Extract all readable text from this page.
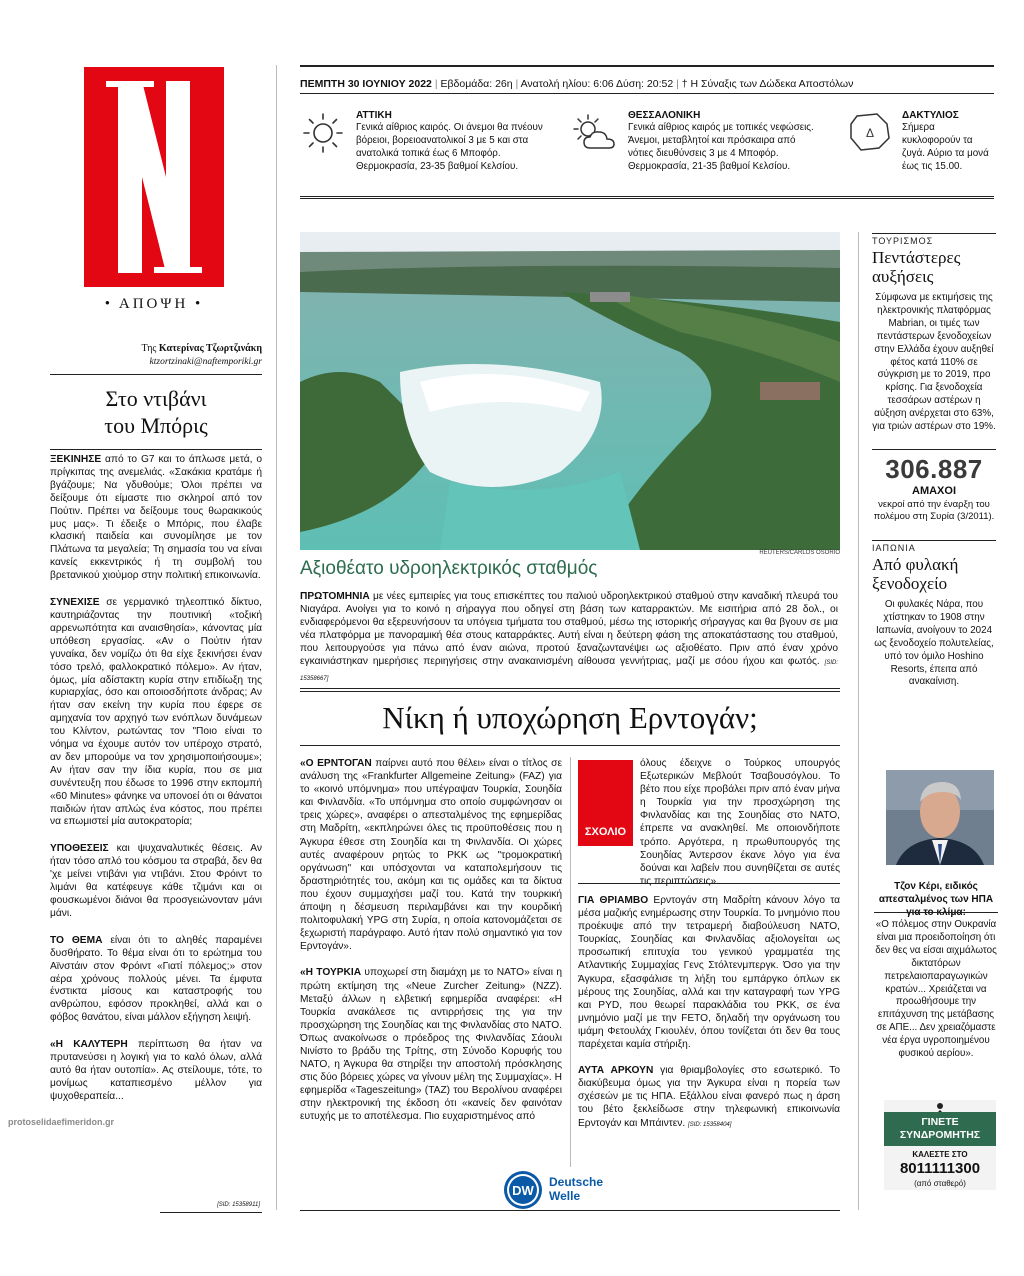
• ΑΠΟΨΗ •
Της Κατερίνας Τζωρτζινάκη
ktzortzinaki@naftemporiki.gr
Στο ντιβάνι
του Μπόρις

ΞΕΚΙΝΗΣΕ από το G7 και το άπλωσε μετά, ο πρίγκιπας της ανεμελιάς. «Σακάκια κρατάμε ή βγάζουμε; Να γδυθούμε; Όλοι πρέπει να δείξουμε ότι είμαστε πιο σκληροί από τον Πούτιν. Πρέπει να δείξουμε τους θωρακικούς μυς μας». Τι έδειξε ο Μπόρις, που έλαβε κλασική παιδεία και συνομίλησε με τον Πλάτωνα τα μεγαλεία; Τη σημασία του να είναι κανείς εκκεντρικός ή τη συμβολή του βρετανικού χιούμορ στην πολιτική επικοινωνία.

ΣΥΝΕΧΙΣΕ σε γερμανικό τηλεοπτικό δίκτυο, καυτηριάζοντας την πουτινική «τοξική αρρενωπότητα και αναισθησία», κάνοντας μία υπόθεση εργασίας. «Αν ο Πούτιν ήταν γυναίκα, δεν νομίζω ότι θα είχε ξεκινήσει έναν τόσο τρελό, φαλλοκρατικό πόλεμο». Αν ήταν, όμως, μία αδίστακτη κυρία στην επιδίωξη της κυριαρχίας, όσο και οποιοσδήποτε άνδρας; Αν ήταν σαν εκείνη την κυρία που έφερε σε αμηχανία τον αρχηγό των ενόπλων δυνάμεων του Κλίντον, ρωτώντας τον "Ποιο είναι το νόημα να έχουμε αυτόν τον υπέροχο στρατό, αν δεν μπορούμε να τον χρησιμοποιήσουμε»; Αν ήταν σαν την ίδια κυρία, που σε μια συνέντευξη που έδωσε το 1996 στην εκπομπή «60 Minutes» φάνηκε να υπονοεί ότι οι θάνατοι παιδιών ήταν απλώς ένα κόστος, που πρέπει να επωμιστεί μία αυτοκρατορία;

ΥΠΟΘΕΣΕΙΣ και ψυχαναλυτικές θέσεις. Αν ήταν τόσο απλό του κόσμου τα στραβά, δεν θα 'χε μείνει ντιβάνι για ντιβάνι. Στου Φρόιντ το λιμάνι θα κατέφευγε κάθε τζιμάνι και οι φουσκωμένοι διάνοι θα προσγειώνονταν μάνι μάνι.

ΤΟ ΘΕΜΑ είναι ότι το αληθές παραμένει δυσθήρατο. Το θέμα είναι ότι το ερώτημα του Αϊνστάιν στον Φρόιντ «Γιατί πόλεμος;» στον αέρα χρόνους πολλούς μένει. Τα έμφυτα ένστικτα μίσους και καταστροφής του ανθρώπου, εφόσον προκληθεί, αλλά και ο φόβος θανάτου, είναι μάλλον εξήγηση λειψή.

«Η ΚΑΛΥΤΕΡΗ περίπτωση θα ήταν να πρυτανεύσει η λογική για το καλό όλων, αλλά αυτό θα ήταν ουτοπία». Ας στείλουμε, τότε, το μονίμως καταπιεσμένο μέλλον για ψυχοθεραπεία...

[SID: 15358911]
ΠΕΜΠΤΗ 30 ΙΟΥΝΙΟΥ 2022 | Εβδομάδα: 26η | Ανατολή ηλίου: 6:06 Δύση: 20:52 | † Η Σύναξις των Δώδεκα Αποστόλων
ΑΤΤΙΚΗ
Γενικά αίθριος καιρός. Οι άνεμοι θα πνέουν βόρειοι, βορειοανατολικοί 3 με 5 και στα ανατολικά τοπικά έως 6 Μποφόρ. Θερμοκρασία, 23-35 βαθμοί Κελσίου.
ΘΕΣΣΑΛΟΝΙΚΗ
Γενικά αίθριος καιρός με τοπικές νεφώσεις. Άνεμοι, μεταβλητοί και πρόσκαιρα από νότιες διευθύνσεις 3 με 4 Μποφόρ. Θερμοκρασία, 21-35 βαθμοί Κελσίου.
Δ
ΔΑΚΤΥΛΙΟΣ
Σήμερα κυκλοφορούν τα ζυγά. Αύριο τα μονά έως τις 15.00.
REUTERS/CARLOS OSORIO
Αξιοθέατο υδροηλεκτρικός σταθμός
ΠΡΩΤΟΜΗΝΙΑ με νέες εμπειρίες για τους επισκέπτες του παλιού υδροηλεκτρικού σταθμού στην καναδική πλευρά του Νιαγάρα. Ανοίγει για το κοινό η σήραγγα που οδηγεί στη βάση των καταρρακτών. Με εισιτήρια από 28 δολ., οι ενδιαφερόμενοι θα εξερευνήσουν τα υπόγεια τμήματα του σταθμού, μέσω της ιστορικής σήραγγας και θα βγουν σε μια νέα πλατφόρμα με πανοραμική θέα στους καταρράκτες. Αυτή είναι η δεύτερη φάση της αποκατάστασης του σταθμού, που λειτουργούσε για πάνω από έναν αιώνα, προτού ξαναζωντανέψει ως αξιοθέατο. Πριν από έναν χρόνο εγκαινιάστηκαν ημερήσιες περιηγήσεις στην ανακαινισμένη αίθουσα γεννήτριας, μαζί με σόου ήχου και φωτός. [SID: 15358667]
Νίκη ή υποχώρηση Ερντογάν;

«Ο ΕΡΝΤΟΓΑΝ παίρνει αυτό που θέλει» είναι ο τίτλος σε ανάλυση της «Frankfurter Allgemeine Zeitung» (FAZ) για το «κοινό υπόμνημα» που υπέγραψαν Τουρκία, Σουηδία και Φινλανδία. «Το υπόμνημα στο οποίο συμφώνησαν οι τρεις χώρες», αναφέρει ο απεσταλμένος της εφημερίδας στη Μαδρίτη, «εκπληρώνει όλες τις προϋποθέσεις που η Άγκυρα έθεσε στη Σουηδία και τη Φινλανδία. Οι χώρες αυτές αναφέρουν ρητώς το ΡΚΚ ως "τρομοκρατική οργάνωση" και υπόσχονται να καταπολεμήσουν τις δραστηριότητές του, ακόμη και τις ομάδες και τα δίκτυα που έχουν συμμαχήσει μαζί του. Κατά την τουρκική άποψη η δέσμευση περιλαμβάνει και την κουρδική πολιτοφυλακή YPG στη Συρία, η οποία κατονομάζεται σε ξεχωριστή παράγραφο. Αυτό ήταν πολύ σημαντικό για τον Ερντογάν».

«Η ΤΟΥΡΚΙΑ υποχωρεί στη διαμάχη με το ΝΑΤΟ» είναι η πρώτη εκτίμηση της «Neue Zurcher Zeitung» (NZZ). Μεταξύ άλλων η ελβετική εφημερίδα αναφέρει: «Η Τουρκία ανακάλεσε τις αντιρρήσεις της για την προσχώρηση της Σουηδίας και της Φινλανδίας στο ΝΑΤΟ. Όπως ανακοίνωσε ο πρόεδρος της Φινλανδίας Σάουλι Νινίστο το βράδυ της Τρίτης, στη Σύνοδο Κορυφής του ΝΑΤΟ, η Άγκυρα θα στηρίξει την αποστολή πρόσκλησης στις δύο βόρειες χώρες να γίνουν μέλη της Συμμαχίας». Η εφημερίδα «Tageszeitung» (TAZ) του Βερολίνου αναφέρει στην ηλεκτρονική της έκδοση ότι «κανείς δεν φαινόταν ευτυχής με το αποτέλεσμα. Πιο ευχαριστημένος από

ΣΧΟΛΙΟ

όλους έδειχνε ο Τούρκος υπουργός Εξωτερικών Μεβλούτ Τσαβουσόγλου. Το βέτο που είχε προβάλει πριν από έναν μήνα η Τουρκία για την προσχώρηση της Φινλανδίας και της Σουηδίας στο ΝΑΤΟ, έπρεπε να ανακληθεί. Με οποιονδήποτε τρόπο. Αργότερα, η πρωθυπουργός της Σουηδίας Άντερσον έκανε λόγο για ένα δούναι και λαβείν που συνηθίζεται σε αυτές τις περιπτώσεις».

ΓΙΑ ΘΡΙΑΜΒΟ Ερντογάν στη Μαδρίτη κάνουν λόγο τα μέσα μαζικής ενημέρωσης στην Τουρκία. Το μνημόνιο που προέκυψε από την τετραμερή διαβούλευση ΝΑΤΟ, Τουρκίας, Σουηδίας και Φινλανδίας αξιολογείται ως προσωπική επιτυχία του γενικού γραμματέα της Ατλαντικής Συμμαχίας Γενς Στόλτενμπεργκ. Όσο για την Άγκυρα, εξασφάλισε τη λήξη του εμπάργκο όπλων εκ μέρους της Σουηδίας, αλλά και την καταγραφή των YPG και PYD, που θεωρεί παρακλάδια του ΡΚΚ, σε ένα μνημόνιο μαζί με την FETO, δηλαδή την οργάνωση του ιμάμη Φετουλάχ Γκιουλέν, όπου τονίζεται ότι δεν θα τους παρέχεται καμία στήριξη.

ΑΥΤΑ ΑΡΚΟΥΝ για θριαμβολογίες στο εσωτερικό. Το διακύβευμα όμως για την Άγκυρα είναι η πορεία των σχέσεών με τις ΗΠΑ. Εξάλλου είναι φανερό πως η άρση του βέτο ξεκλείδωσε στην τηλεφωνική επικοινωνία Ερντογάν και Μπάιντεν. [SID: 15358404]

DW
Deutsche
Welle
ΤΟΥΡΙΣΜΟΣ
Πεντάστερες αυξήσεις
Σύμφωνα με εκτιμήσεις της ηλεκτρονικής πλατφόρμας Mabrian, οι τιμές των πεντάστερων ξενοδοχείων στην Ελλάδα έχουν αυξηθεί φέτος κατά 110% σε σύγκριση με το 2019, προ κρίσης. Για ξενοδοχεία τεσσάρων αστέρων η αύξηση ανέρχεται στο 63%, για τριών αστέρων στο 19%.
306.887
ΑΜΑΧΟΙ
νεκροί από την έναρξη του πολέμου στη Συρία (3/2011).
ΙΑΠΩΝΙΑ
Από φυλακή ξενοδοχείο
Οι φυλακές Νάρα, που χτίστηκαν το 1908 στην Ιαπωνία, ανοίγουν το 2024 ως ξενοδοχείο πολυτελείας, υπό τον όμιλο Hoshino Resorts, έπειτα από ανακαίνιση.
Τζον Κέρι, ειδικός απεσταλμένος των ΗΠΑ για το κλίμα:
«Ο πόλεμος στην Ουκρανία είναι μια προειδοποίηση ότι δεν θες να είσαι αιχμάλωτος δικτατόρων πετρελαιοπαραγωγικών κρατών... Χρειάζεται να προωθήσουμε την επιτάχυνση της μετάβασης σε ΑΠΕ... Δεν χρειαζόμαστε νέα έργα υγροποιημένου φυσικού αερίου».
ΓΙΝΕΤΕ ΣΥΝΔΡΟΜΗΤΗΣ
ΚΑΛΕΣΤΕ ΣΤΟ
8011111300
(από σταθερό)
protoselidaefimeridon.gr
